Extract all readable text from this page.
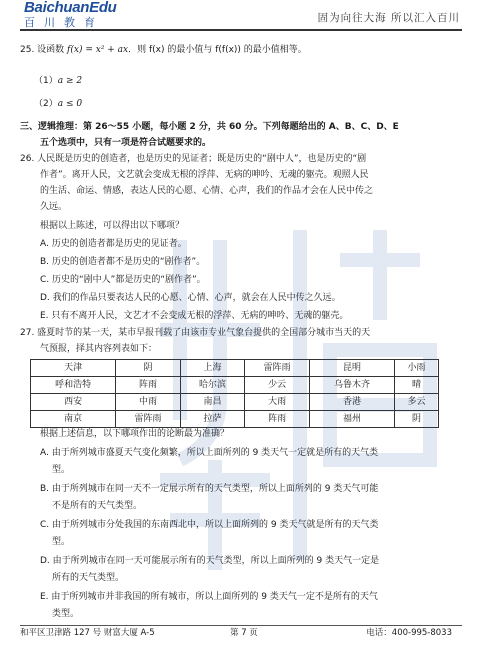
BaichuanEdu
百川教育	固为向往大海 所以汇入百川
25. 设函数 f(x) = x² + ax．则 f(x) 的最小值与 f(f(x)) 的最小值相等。
（1）a ≥ 2
（2）a ≤ 0
三、逻辑推理：第 26～55 小题，每小题 2 分，共 60 分。下列每题给出的 A、B、C、D、E
五个选项中，只有一项是符合试题要求的。
26. 人民既是历史的创造者，也是历史的见证者；既是历史的“剧中人”，也是历史的“剧
作者”。离开人民，文艺就会变成无根的浮萍、无病的呻吟、无魂的躯壳。观照人民
的生活、命运、情感，表达人民的心愿、心情、心声，我们的作品才会在人民中传之
久远。
根据以上陈述，可以得出以下哪项？
A. 历史的创造者都是历史的见证者。
B. 历史的创造者都不是历史的“剧作者”。
C. 历史的“剧中人”都是历史的“剧作者”。
D. 我们的作品只要表达人民的心愿、心情、心声，就会在人民中传之久远。
E. 只有不离开人民，文艺才不会变成无根的浮萍、无病的呻吟、无魂的躯壳。
27. 盛夏时节的某一天，某市早报刊载了由该市专业气象台提供的全国部分城市当天的天
气预报，择其内容列表如下：
根据上述信息，以下哪项作出的论断最为准确？
A. 由于所列城市盛夏天气变化频繁，所以上面所列的 9 类天气一定就是所有的天气类
型。
B. 由于所列城市在同一天不一定展示所有的天气类型，所以上面所列的 9 类天气可能
不是所有的天气类型。
C. 由于所列城市分处我国的东南西北中，所以上面所列的 9 类天气就是所有的天气类
型。
D. 由于所列城市在同一天可能展示所有的天气类型，所以上面所列的 9 类天气一定是
所有的天气类型。
E. 由于所列城市并非我国的所有城市，所以上面所列的 9 类天气一定不是所有的天气
类型。
天津	阴	上海	雷阵雨	昆明	小雨
呼和浩特	阵雨	哈尔滨	少云	乌鲁木齐	晴
西安	中雨	南昌	大雨	香港	多云
南京	雷阵雨	拉萨	阵雨	福州	阴
和平区卫津路 127 号 财富大厦 A-5	第 7 页	电话：400-995-8033
